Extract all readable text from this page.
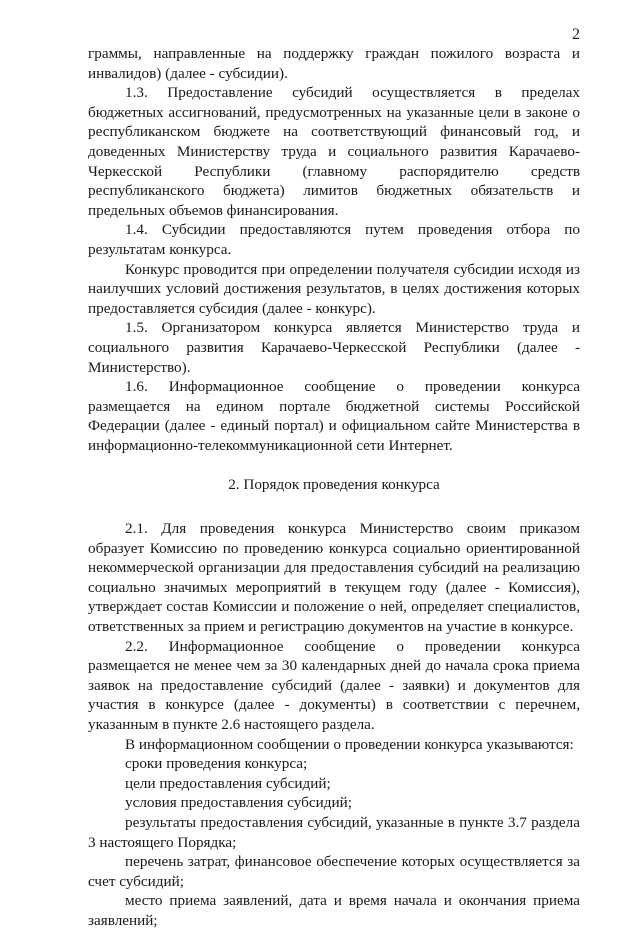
2

граммы, направленные на поддержку граждан пожилого возраста и инвалидов) (далее - субсидии).

1.3. Предоставление субсидий осуществляется в пределах бюджетных ассигнований, предусмотренных на указанные цели в законе о республиканском бюджете на соответствующий финансовый год, и доведенных Министерству труда и социального развития Карачаево-Черкесской Республики (главному распорядителю средств республиканского бюджета) лимитов бюджетных обязательств и предельных объемов финансирования.

1.4. Субсидии предоставляются путем проведения отбора по результатам конкурса.

Конкурс проводится при определении получателя субсидии исходя из наилучших условий достижения результатов, в целях достижения которых предоставляется субсидия (далее - конкурс).

1.5. Организатором конкурса является Министерство труда и социального развития Карачаево-Черкесской Республики (далее - Министерство).

1.6. Информационное сообщение о проведении конкурса размещается на едином портале бюджетной системы Российской Федерации (далее - единый портал) и официальном сайте Министерства в информационно-телекоммуникационной сети Интернет.

2. Порядок проведения конкурса

2.1. Для проведения конкурса Министерство своим приказом образует Комиссию по проведению конкурса социально ориентированной некоммерческой организации для предоставления субсидий на реализацию социально значимых мероприятий в текущем году (далее - Комиссия), утверждает состав Комиссии и положение о ней, определяет специалистов, ответственных за прием и регистрацию документов на участие в конкурсе.

2.2. Информационное сообщение о проведении конкурса размещается не менее чем за 30 календарных дней до начала срока приема заявок на предоставление субсидий (далее - заявки) и документов для участия в конкурсе (далее - документы) в соответствии с перечнем, указанным в пункте 2.6 настоящего раздела.

В информационном сообщении о проведении конкурса указываются:

сроки проведения конкурса;

цели предоставления субсидий;

условия предоставления субсидий;

результаты предоставления субсидий, указанные в пункте 3.7 раздела 3 настоящего Порядка;

перечень затрат, финансовое обеспечение которых осуществляется за счет субсидий;

место приема заявлений, дата и время начала и окончания приема заявлений;
